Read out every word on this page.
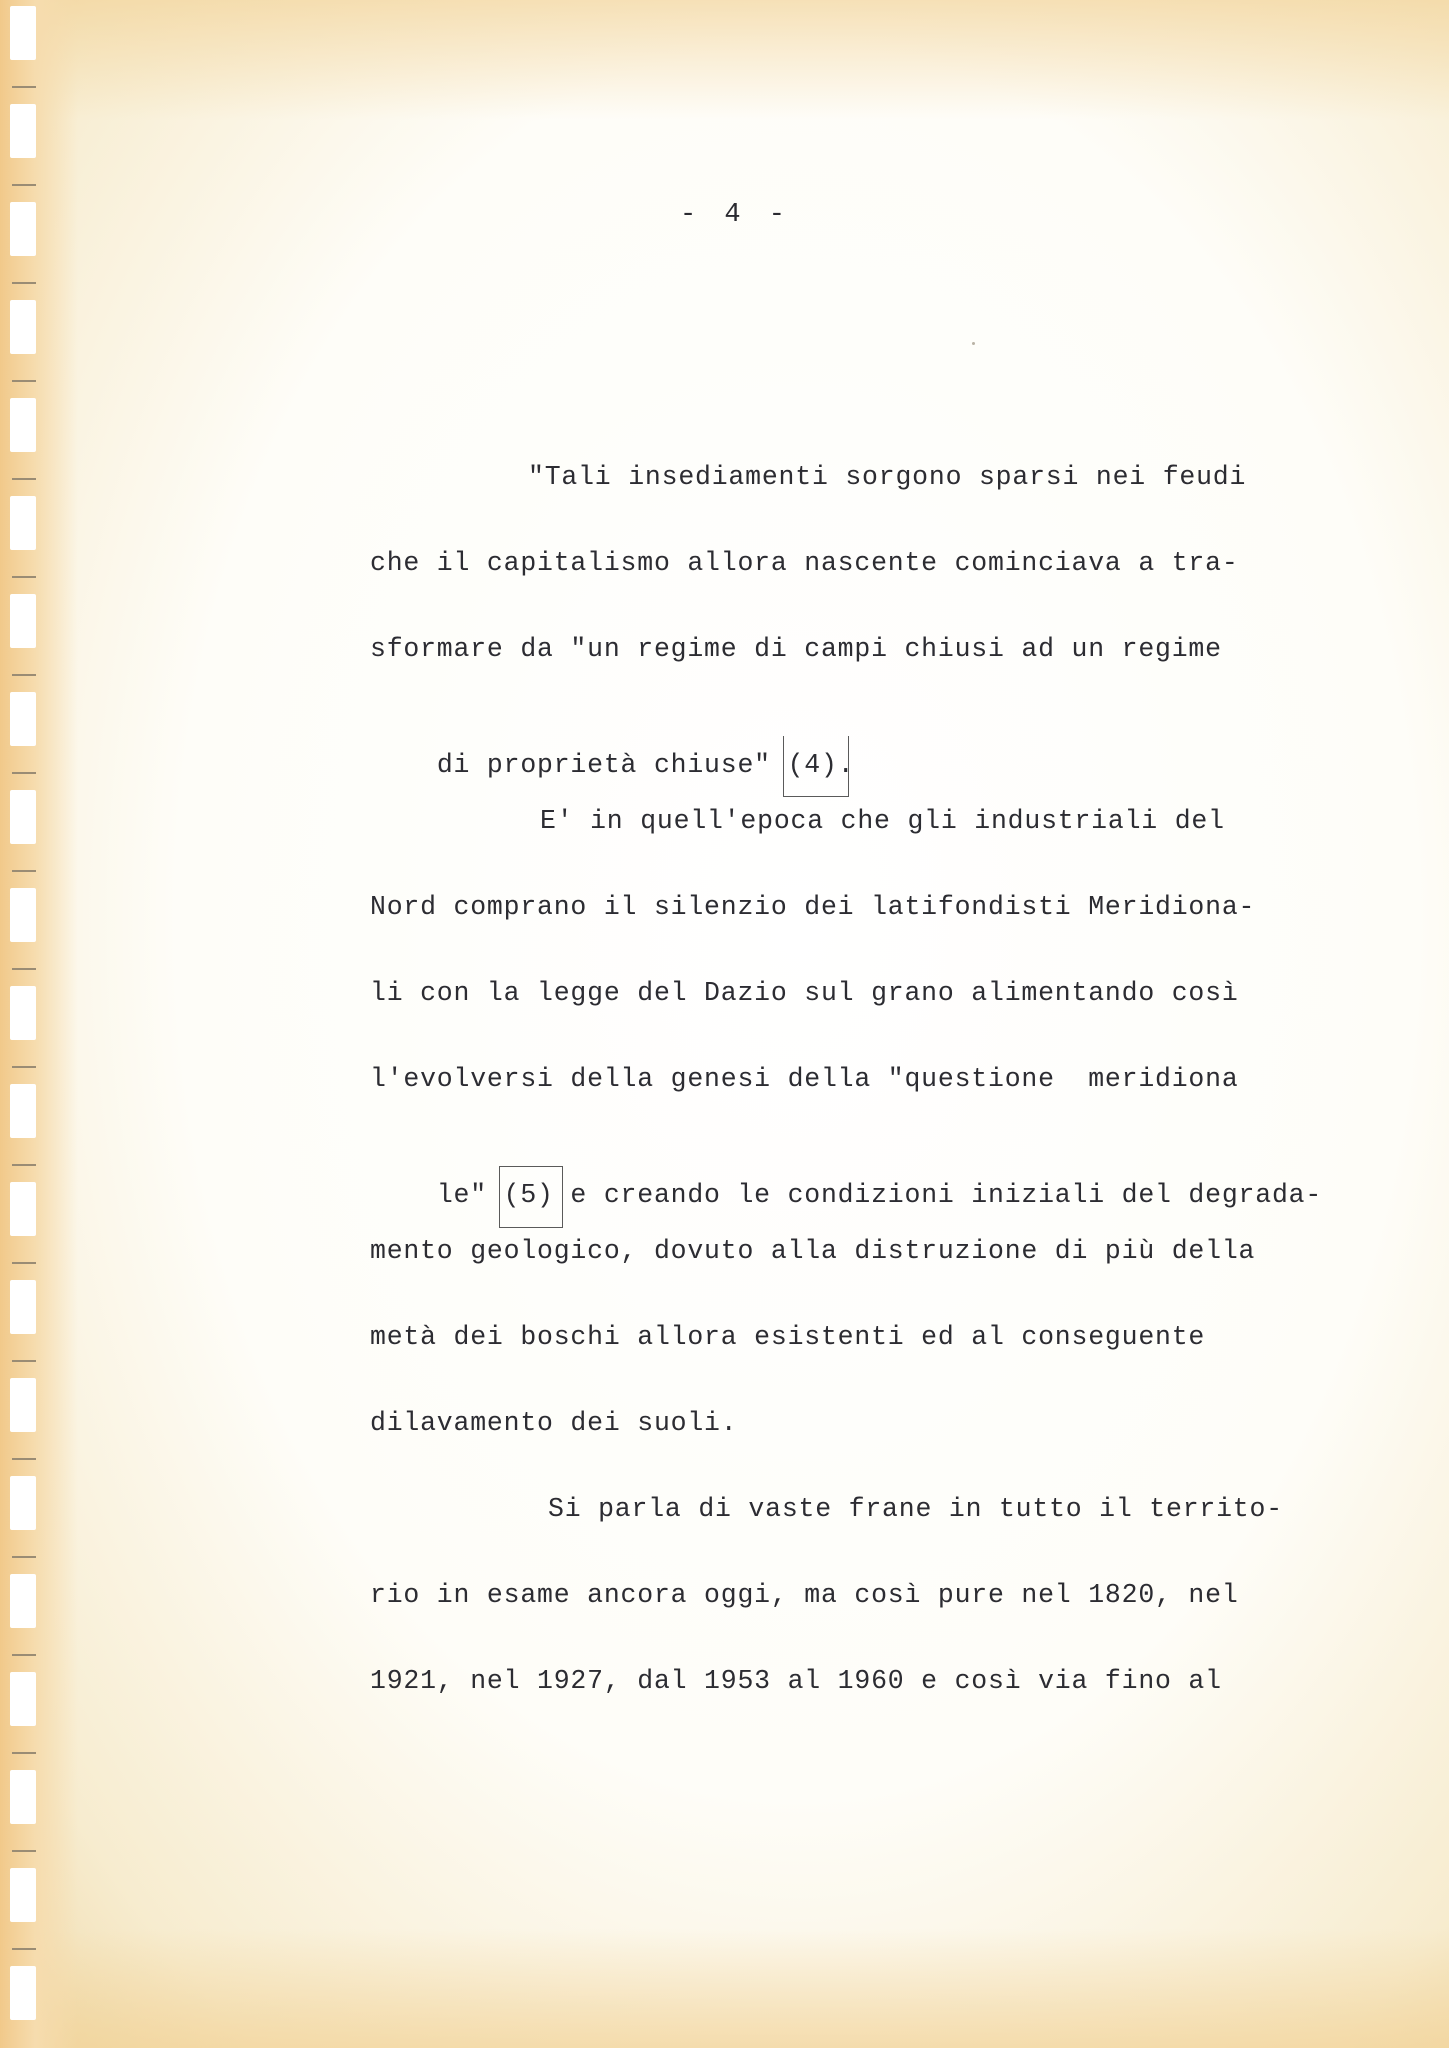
- 4 -
"Tali insediamenti sorgono sparsi nei feudi
che il capitalismo allora nascente cominciava a tra-
sformare da "un regime di campi chiusi ad un regime

di proprietà chiuse"
(4).

E' in quell'epoca che gli industriali del
Nord comprano il silenzio dei latifondisti Meridiona-
li con la legge del Dazio sul grano alimentando così
l'evolversi della genesi della "questione  meridiona

le"
(5) e creando le condizioni iniziali del degrada-

mento geologico, dovuto alla distruzione di più della
metà dei boschi allora esistenti ed al conseguente
dilavamento dei suoli.
Si parla di vaste frane in tutto il territo-
rio in esame ancora oggi, ma così pure nel 1820, nel
1921, nel 1927, dal 1953 al 1960 e così via fino al
